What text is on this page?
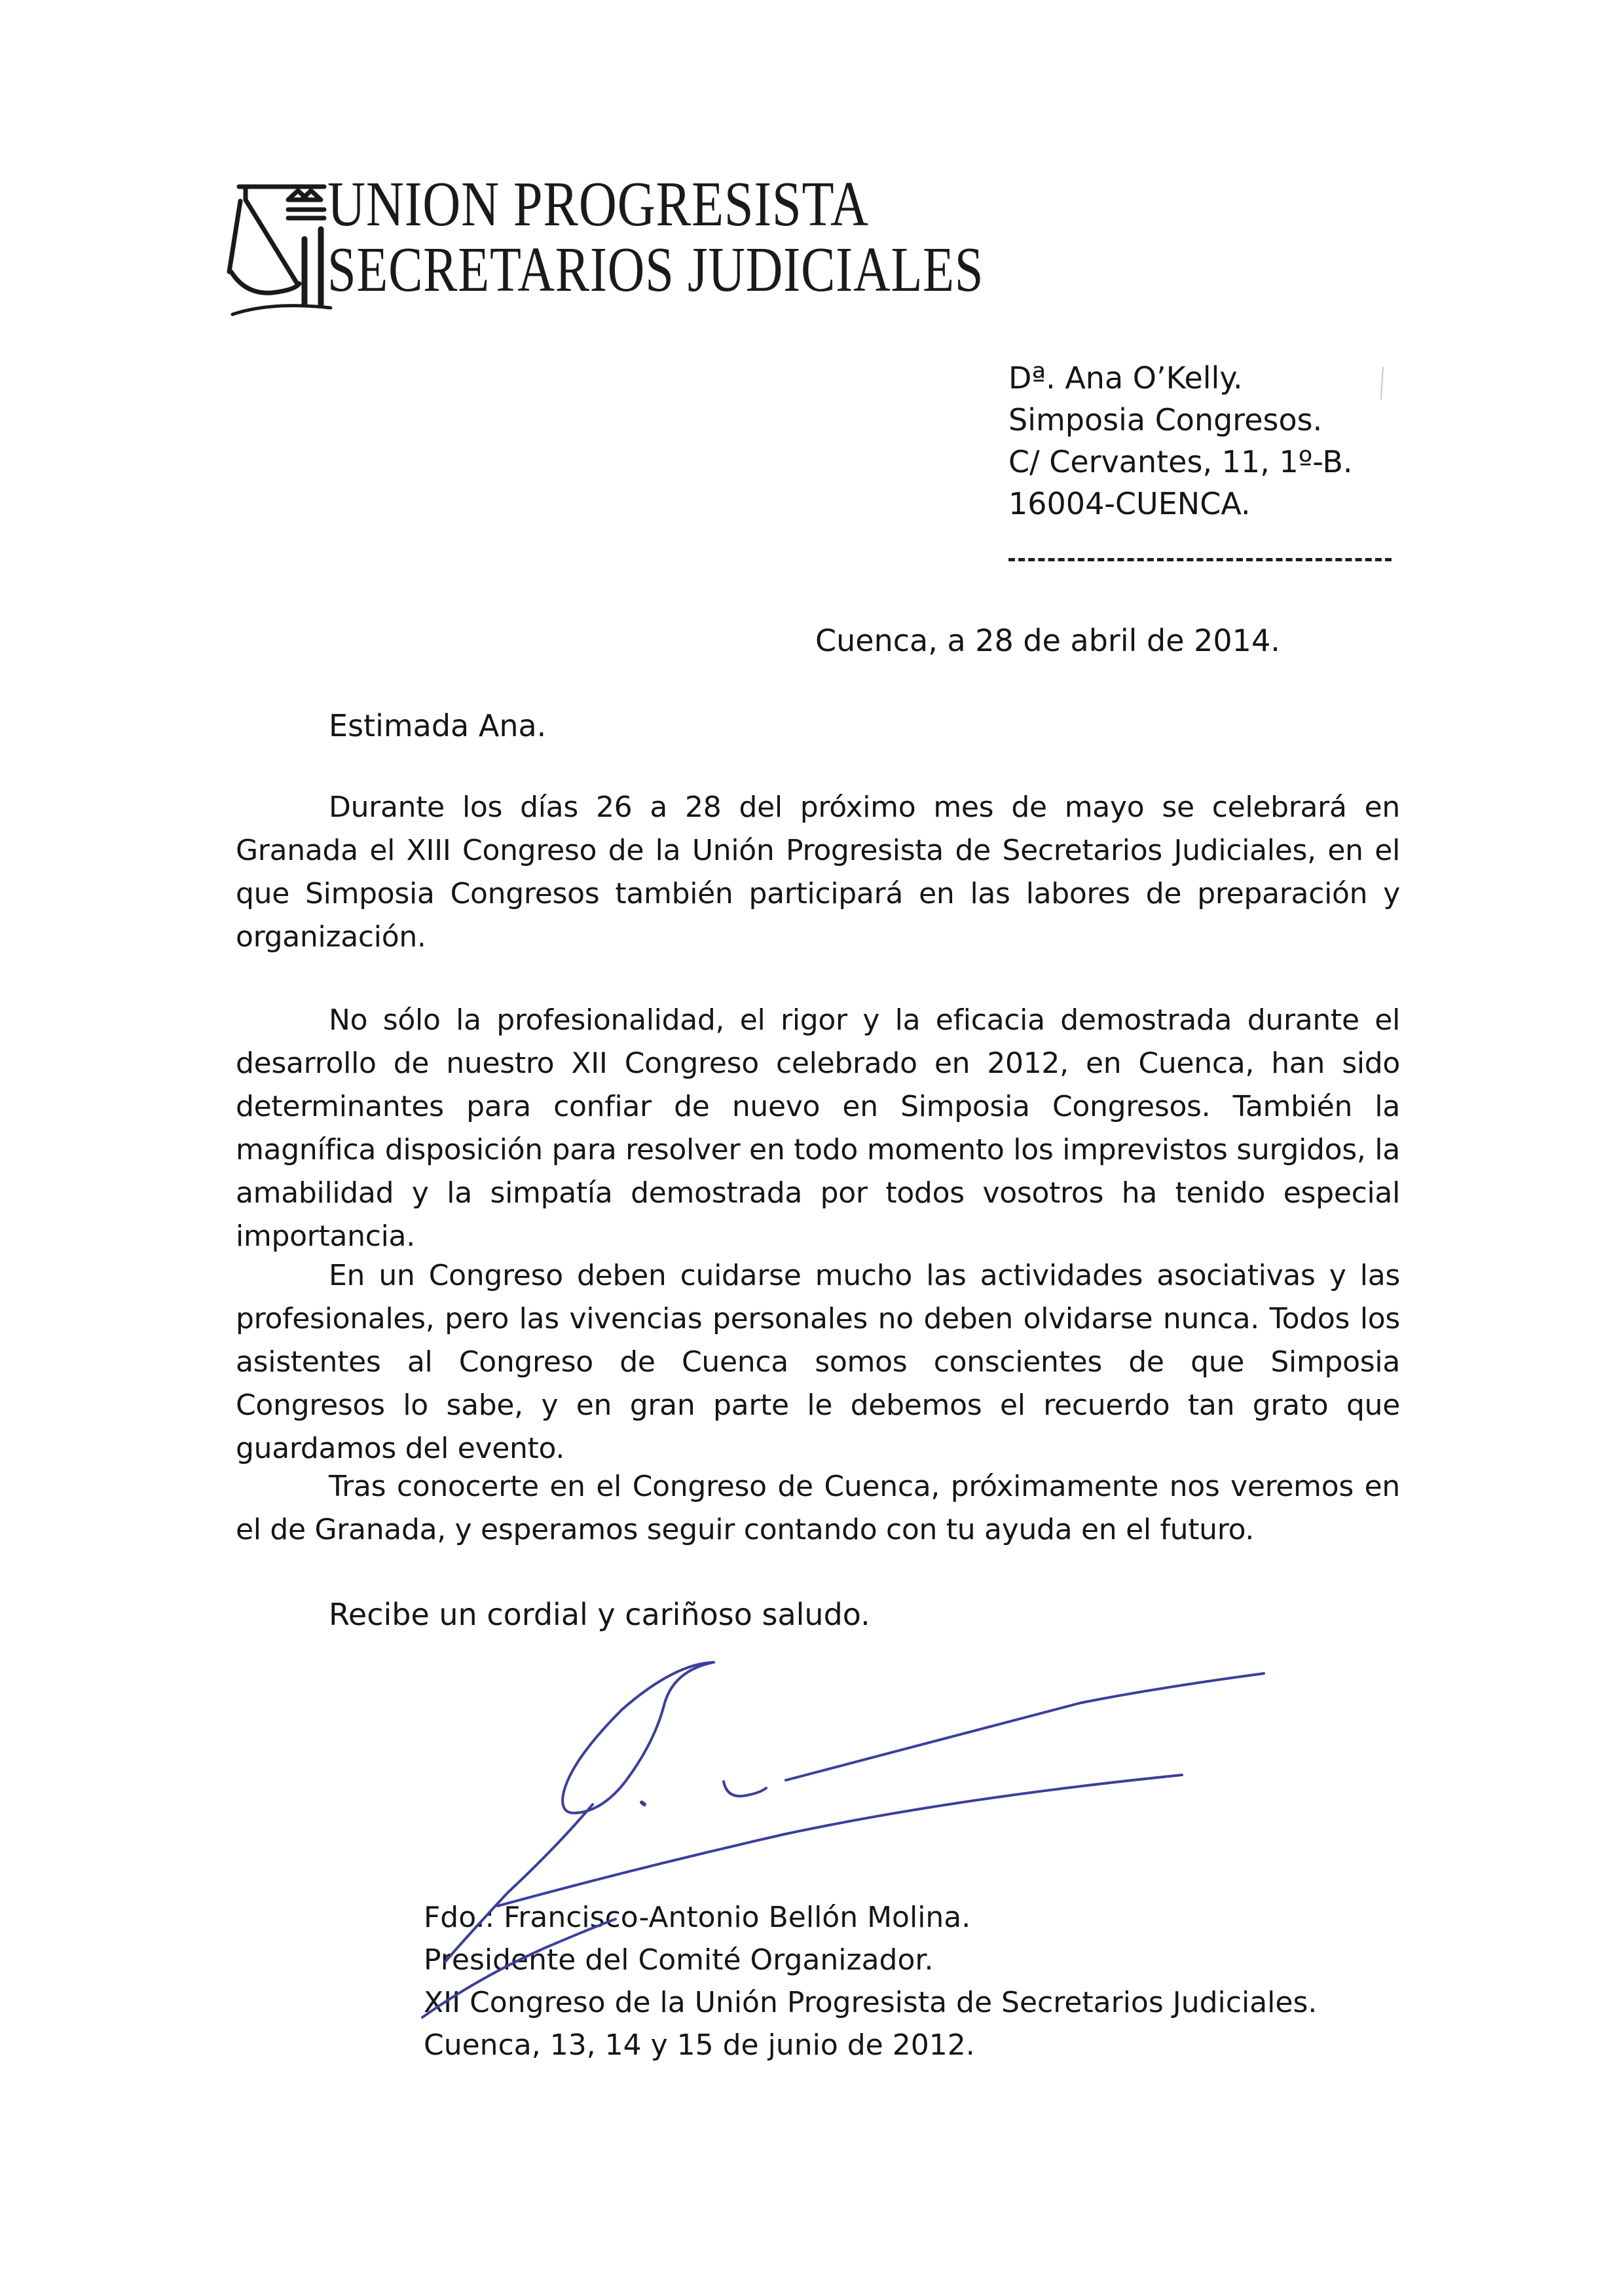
UNION PROGRESISTA
SECRETARIOS JUDICIALES
Dª. Ana O’Kelly.
Simposia Congresos.
C/ Cervantes, 11, 1º-B.
16004-CUENCA.
Cuenca, a 28 de abril de 2014.
Estimada Ana.

Durante los días 26 a 28 del próximo mes de mayo se celebrará en Granada el XIII Congreso de la Unión Progresista de Secretarios Judiciales, en el que Simposia Congresos también participará en las labores de preparación y organización.

No sólo la profesionalidad, el rigor y la eficacia demostrada durante el desarrollo de nuestro XII Congreso celebrado en 2012, en Cuenca, han sido determinantes para confiar de nuevo en Simposia Congresos. También la magnífica disposición para resolver en todo momento los imprevistos surgidos, la amabilidad y la simpatía demostrada por todos vosotros ha tenido especial importancia.

En un Congreso deben cuidarse mucho las actividades asociativas y las profesionales, pero las vivencias personales no deben olvidarse nunca. Todos los asistentes al Congreso de Cuenca somos conscientes de que Simposia Congresos lo sabe, y en gran parte le debemos el recuerdo tan grato que guardamos del evento.

Tras conocerte en el Congreso de Cuenca, próximamente nos veremos en el de Granada, y esperamos seguir contando con tu ayuda en el futuro.

Recibe un cordial y cariñoso saludo.
Fdo.: Francisco-Antonio Bellón Molina.
Presidente del Comité Organizador.
XII Congreso de la Unión Progresista de Secretarios Judiciales.
Cuenca, 13, 14 y 15 de junio de 2012.
